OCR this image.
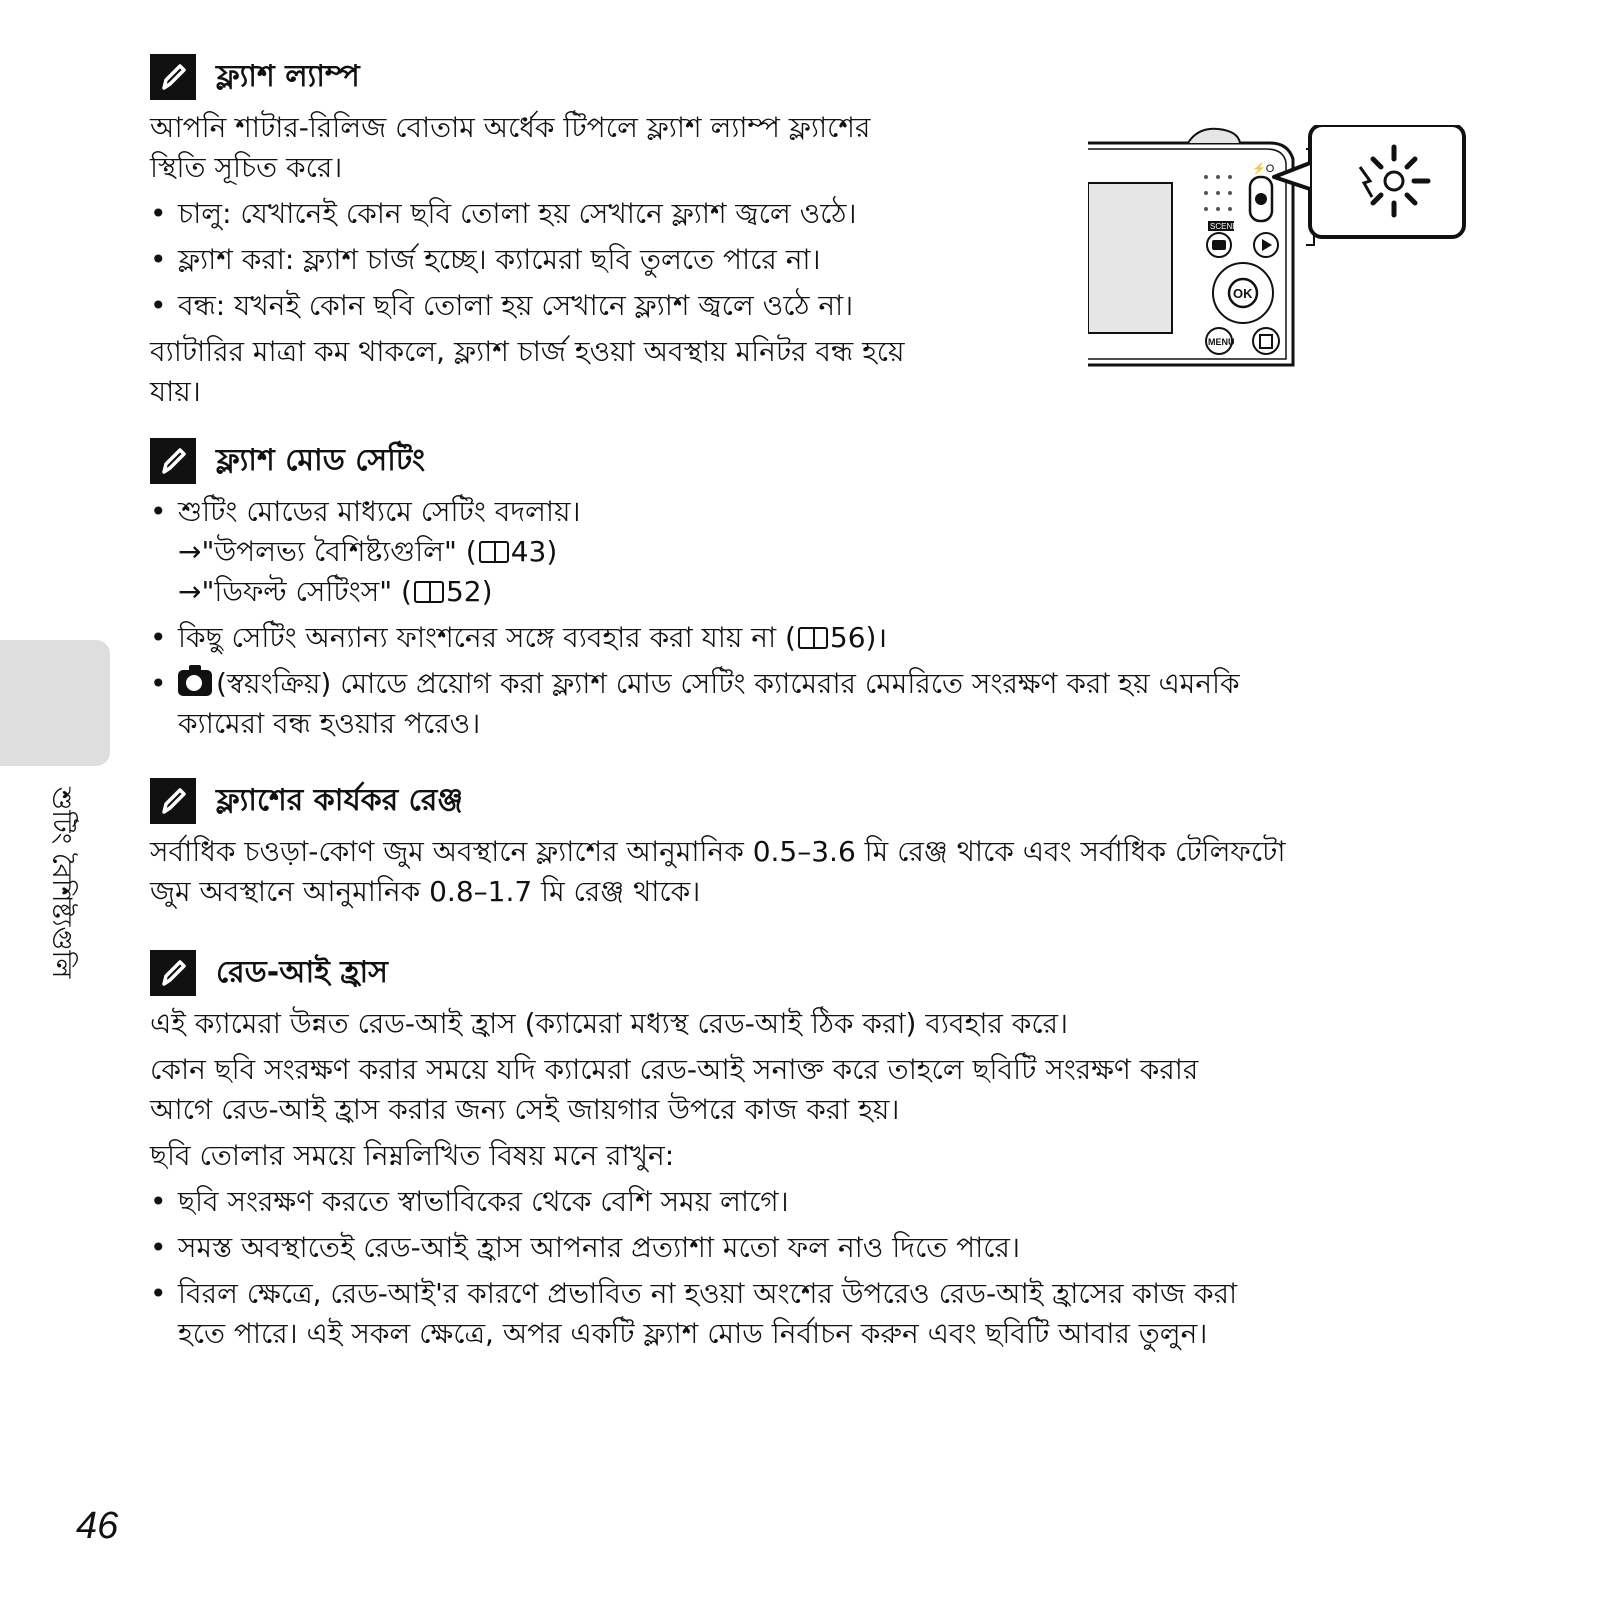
শুটিং বৈশিষ্ট্যগুলি
ফ্ল্যাশ ল্যাম্প
আপনি শাটার-রিলিজ বোতাম অর্ধেক টিপলে ফ্ল্যাশ ল্যাম্প ফ্ল্যাশের
স্থিতি সূচিত করে।
• চালু: যেখানেই কোন ছবি তোলা হয় সেখানে ফ্ল্যাশ জ্বলে ওঠে।
• ফ্ল্যাশ করা: ফ্ল্যাশ চার্জ হচ্ছে। ক্যামেরা ছবি তুলতে পারে না।
• বন্ধ: যখনই কোন ছবি তোলা হয় সেখানে ফ্ল্যাশ জ্বলে ওঠে না।
ব্যাটারির মাত্রা কম থাকলে, ফ্ল্যাশ চার্জ হওয়া অবস্থায় মনিটর বন্ধ হয়ে
যায়।
⚡O
SCENE
OK
MENU
ফ্ল্যাশ মোড সেটিং
• শুটিং মোডের মাধ্যমে সেটিং বদলায়।
→"উপলভ্য বৈশিষ্ট্যগুলি" ( 43)
→"ডিফল্ট সেটিংস" ( 52)
• কিছু সেটিং অন্যান্য ফাংশনের সঙ্গে ব্যবহার করা যায় না ( 56)।
• (স্বয়ংক্রিয়) মোডে প্রয়োগ করা ফ্ল্যাশ মোড সেটিং ক্যামেরার মেমরিতে সংরক্ষণ করা হয় এমনকি
ক্যামেরা বন্ধ হওয়ার পরেও।
ফ্ল্যাশের কার্যকর রেঞ্জ
সর্বাধিক চওড়া-কোণ জুম অবস্থানে ফ্ল্যাশের আনুমানিক 0.5–3.6 মি রেঞ্জ থাকে এবং সর্বাধিক টেলিফটো
জুম অবস্থানে আনুমানিক 0.8–1.7 মি রেঞ্জ থাকে।
রেড-আই হ্রাস
এই ক্যামেরা উন্নত রেড-আই হ্রাস (ক্যামেরা মধ্যস্থ রেড-আই ঠিক করা) ব্যবহার করে।
কোন ছবি সংরক্ষণ করার সময়ে যদি ক্যামেরা রেড-আই সনাক্ত করে তাহলে ছবিটি সংরক্ষণ করার
আগে রেড-আই হ্রাস করার জন্য সেই জায়গার উপরে কাজ করা হয়।
ছবি তোলার সময়ে নিম্নলিখিত বিষয় মনে রাখুন:
• ছবি সংরক্ষণ করতে স্বাভাবিকের থেকে বেশি সময় লাগে।
• সমস্ত অবস্থাতেই রেড-আই হ্রাস আপনার প্রত্যাশা মতো ফল নাও দিতে পারে।
• বিরল ক্ষেত্রে, রেড-আই'র কারণে প্রভাবিত না হওয়া অংশের উপরেও রেড-আই হ্রাসের কাজ করা
হতে পারে। এই সকল ক্ষেত্রে, অপর একটি ফ্ল্যাশ মোড নির্বাচন করুন এবং ছবিটি আবার তুলুন।
46
